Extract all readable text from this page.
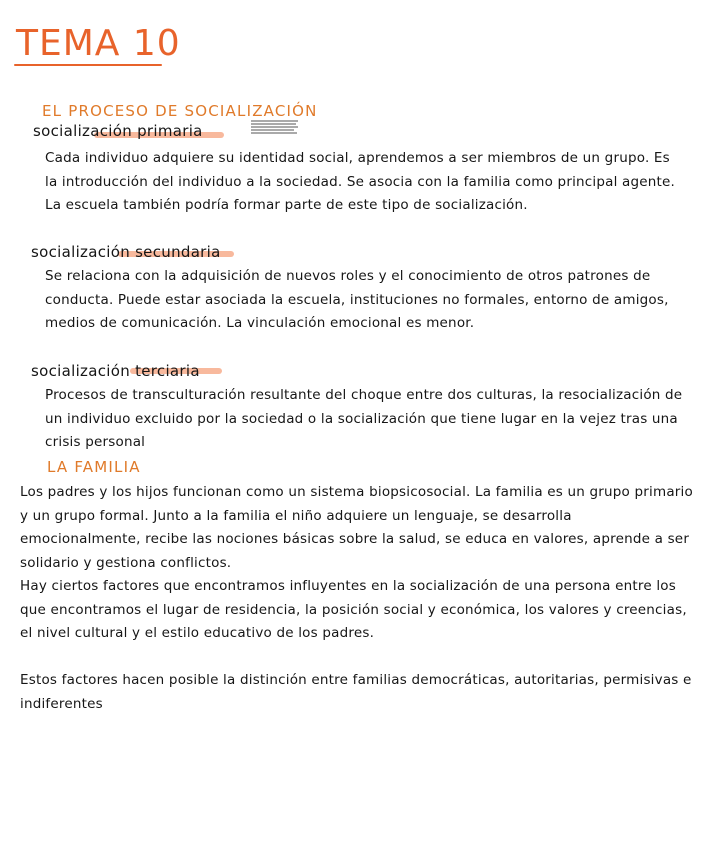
TEMA 10
EL PROCESO DE SOCIALIZACIÓN
socialización primaria

Cada individuo adquiere su identidad social, aprendemos a ser miembros de un grupo. Es la introducción del individuo a la sociedad. Se asocia con la familia como principal agente. La escuela también podría formar parte de este tipo de socialización.

socialización secundaria

Se relaciona con la adquisición de nuevos roles y el conocimiento de otros patrones de conducta. Puede estar asociada la escuela, instituciones no formales, entorno de amigos, medios de comunicación. La vinculación emocional es menor.

socialización terciaria

Procesos de transculturación resultante del choque entre dos culturas, la resocialización de un individuo excluido por la sociedad o la socialización que tiene lugar en la vejez tras una crisis personal

LA FAMILIA

Los padres y los hijos funcionan como un sistema biopsicosocial. La familia es un grupo primario y un grupo formal. Junto a la familia el niño adquiere un lenguaje, se desarrolla emocionalmente, recibe las nociones básicas sobre la salud, se educa en valores, aprende a ser solidario y gestiona conflictos.

Hay ciertos factores que encontramos influyentes en la socialización de una persona entre los que encontramos el lugar de residencia, la posición social y económica, los valores y creencias, el nivel cultural y el estilo educativo de los padres.

Estos factores hacen posible la distinción entre familias democráticas, autoritarias, permisivas e indiferentes
